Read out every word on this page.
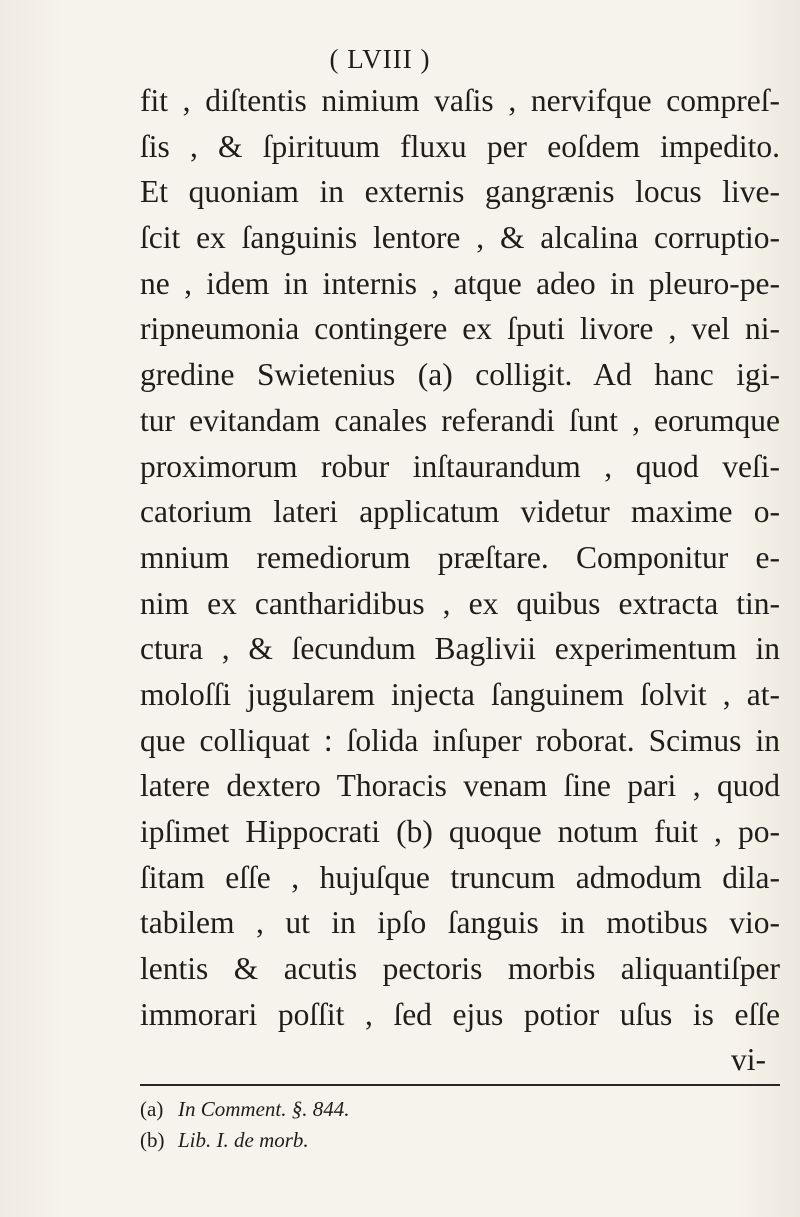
( LVIII )
fit , diſtentis nimium vaſis , nervifque compreſ-
ſis , & ſpirituum fluxu per eoſdem impedito.
Et quoniam in externis gangrænis locus live-
ſcit ex ſanguinis lentore , & alcalina corruptio-
ne , idem in internis , atque adeo in pleuro-pe-
ripneumonia contingere ex ſputi livore , vel ni-
gredine Swietenius (a) colligit. Ad hanc igi-
tur evitandam canales referandi ſunt , eorumque
proximorum robur inſtaurandum , quod veſi-
catorium lateri applicatum videtur maxime o-
mnium remediorum præſtare. Componitur e-
nim ex cantharidibus , ex quibus extracta tin-
ctura , & ſecundum Baglivii experimentum in
moloſſi jugularem injecta ſanguinem ſolvit , at-
que colliquat : ſolida inſuper roborat. Scimus in
latere dextero Thoracis venam ſine pari , quod
ipſimet Hippocrati (b) quoque notum fuit , po-
ſitam eſſe , hujuſque truncum admodum dila-
tabilem , ut in ipſo ſanguis in motibus vio-
lentis & acutis pectoris morbis aliquantiſper
immorari poſſit , ſed ejus potior uſus is eſſe
vi-
(a) In Comment. §. 844.
(b) Lib. I. de morb.
